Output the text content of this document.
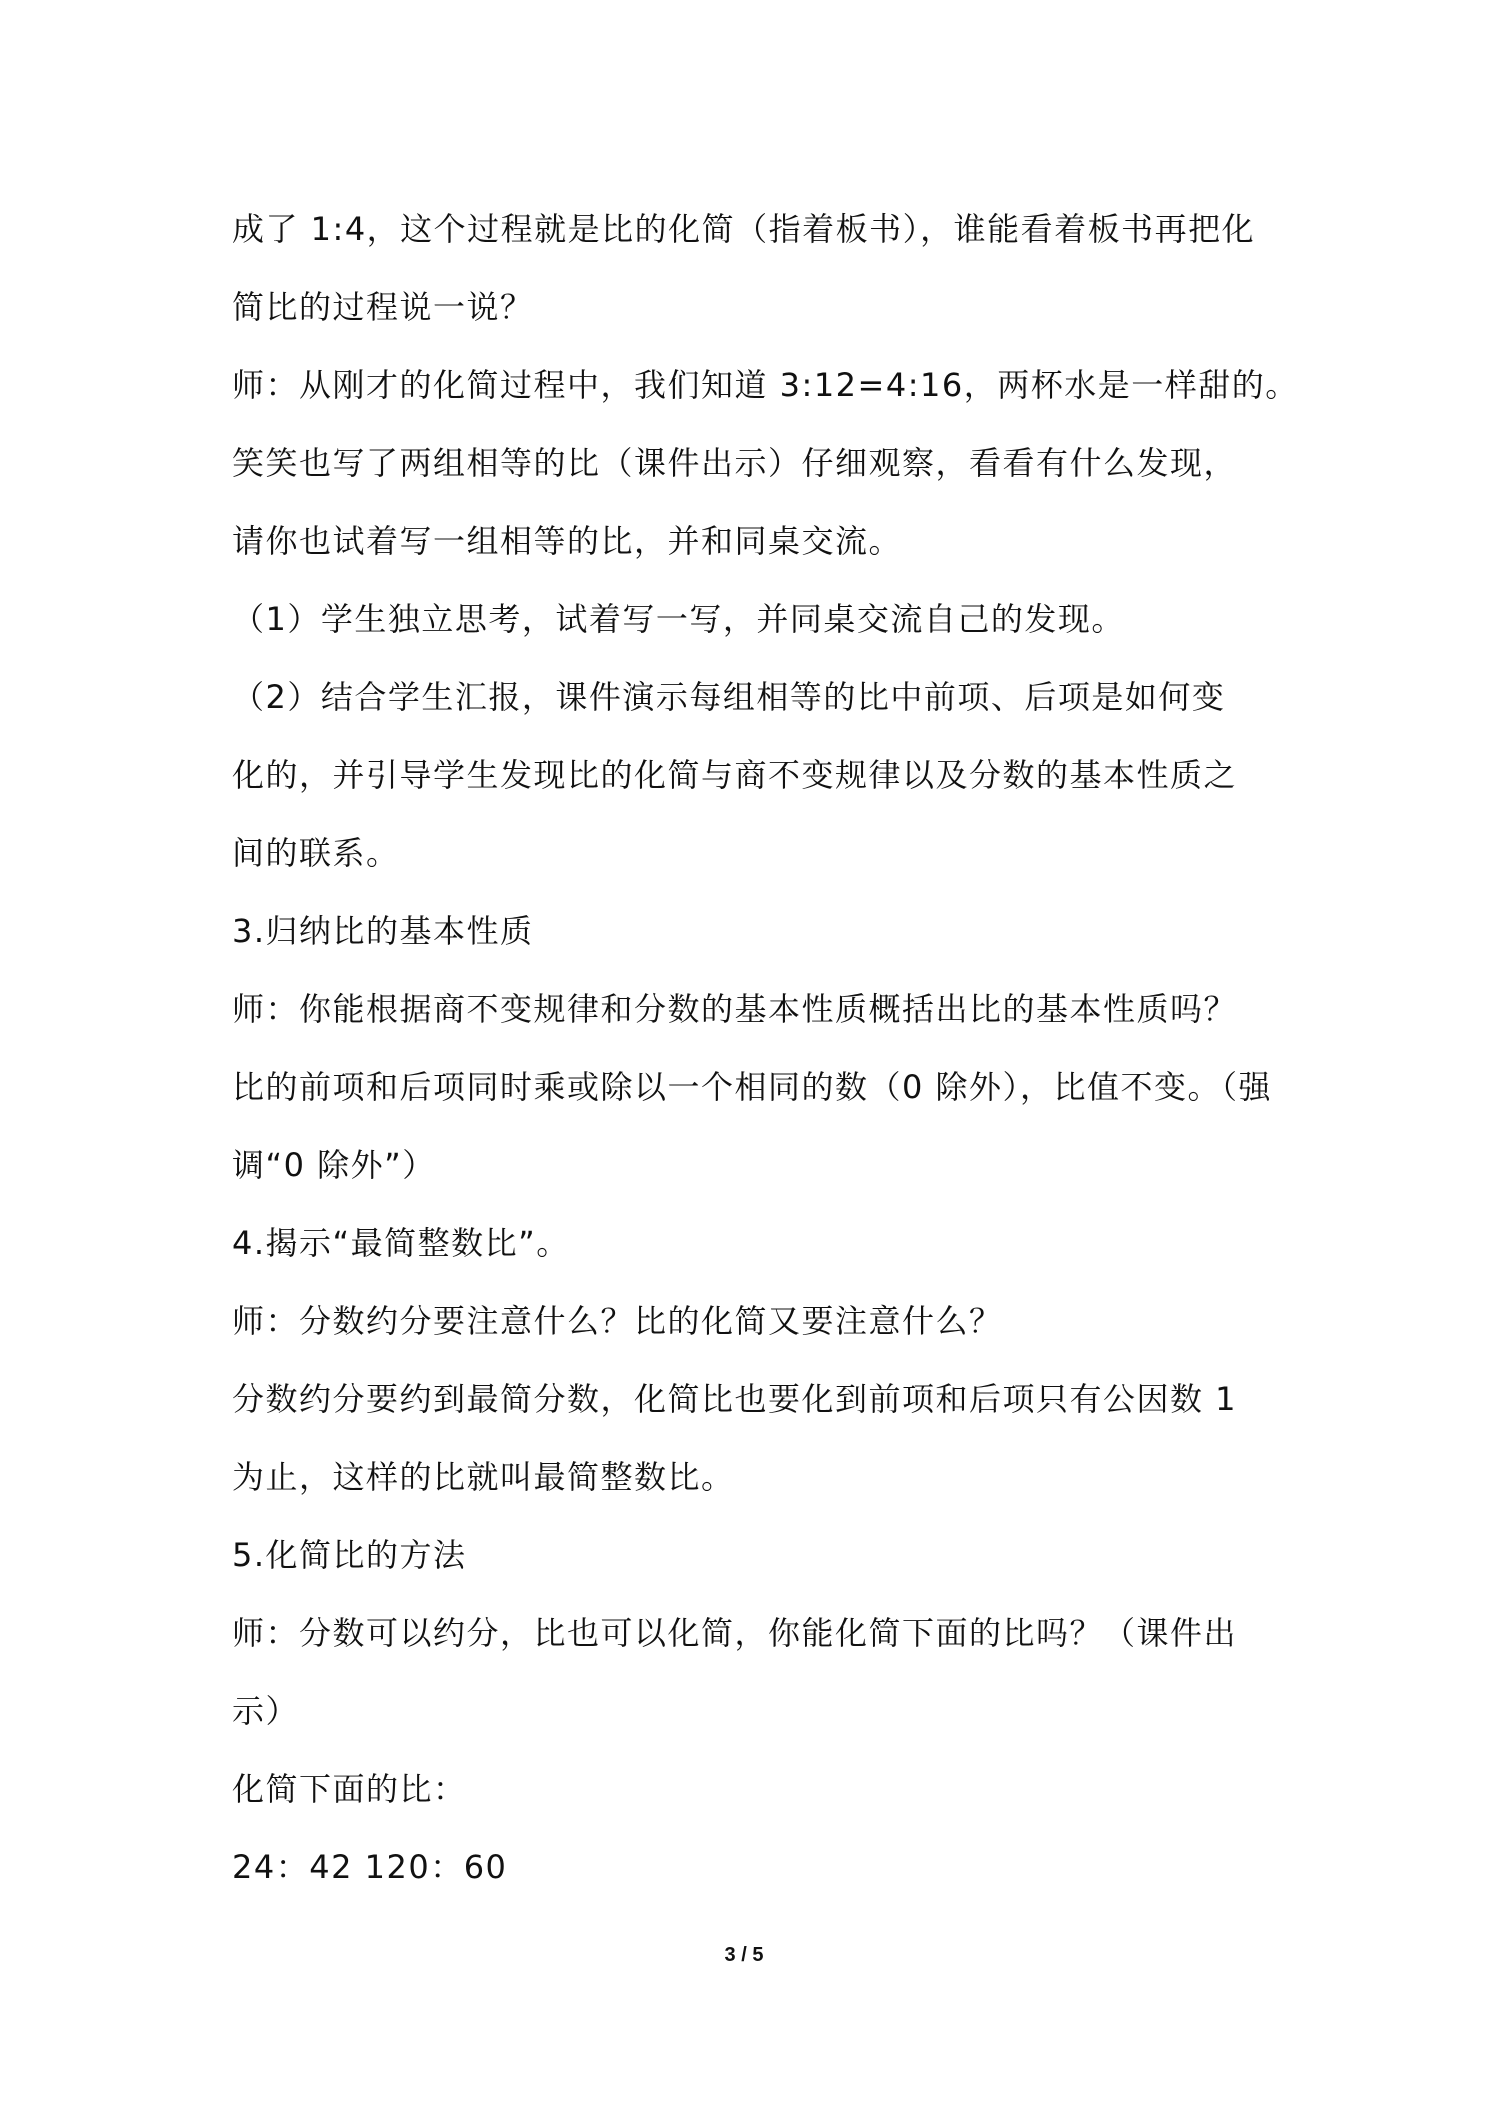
成了 1:4，这个过程就是比的化简（指着板书），谁能看着板书再把化
简比的过程说一说？
师：从刚才的化简过程中，我们知道 3:12=4:16，两杯水是一样甜的。
笑笑也写了两组相等的比（课件出示）仔细观察，看看有什么发现，
请你也试着写一组相等的比，并和同桌交流。
（1）学生独立思考，试着写一写，并同桌交流自己的发现。
（2）结合学生汇报，课件演示每组相等的比中前项、后项是如何变
化的，并引导学生发现比的化简与商不变规律以及分数的基本性质之
间的联系。
3.归纳比的基本性质
师：你能根据商不变规律和分数的基本性质概括出比的基本性质吗？
比的前项和后项同时乘或除以一个相同的数（0 除外），比值不变。（强
调“0 除外”）
4.揭示“最简整数比”。
师：分数约分要注意什么？比的化简又要注意什么？
分数约分要约到最简分数，化简比也要化到前项和后项只有公因数 1
为止，这样的比就叫最简整数比。
5.化简比的方法
师：分数可以约分，比也可以化简，你能化简下面的比吗？（课件出
示）
化简下面的比：
24：42 120：60
3 / 5
